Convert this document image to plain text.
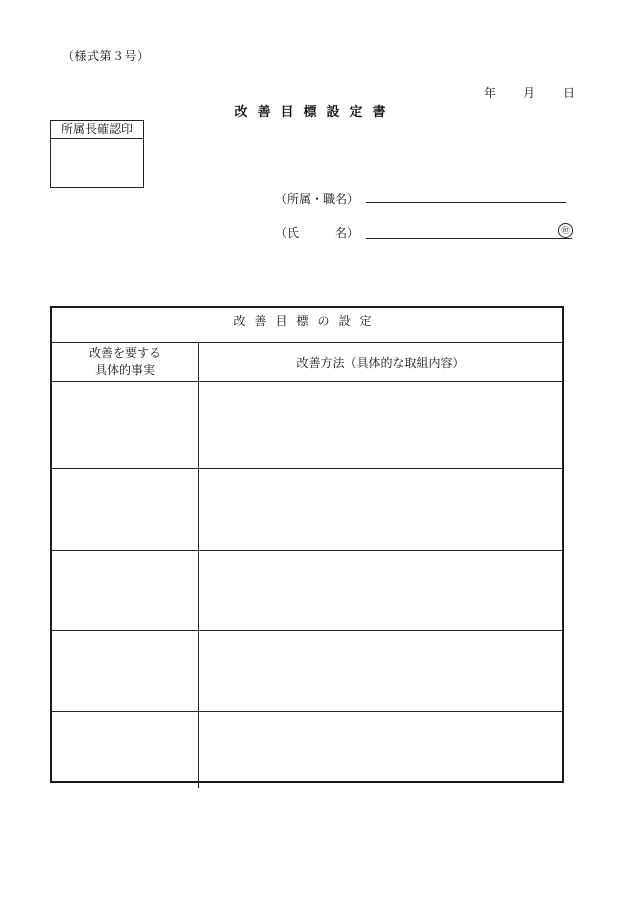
（様式第３号）
年 月 日
改善目標設定書
所属長確認印
（所属・職名）
（氏　　　名）	㊞
改善目標の設定
改善を要する
具体的事実
改善方法（具体的な取組内容）
